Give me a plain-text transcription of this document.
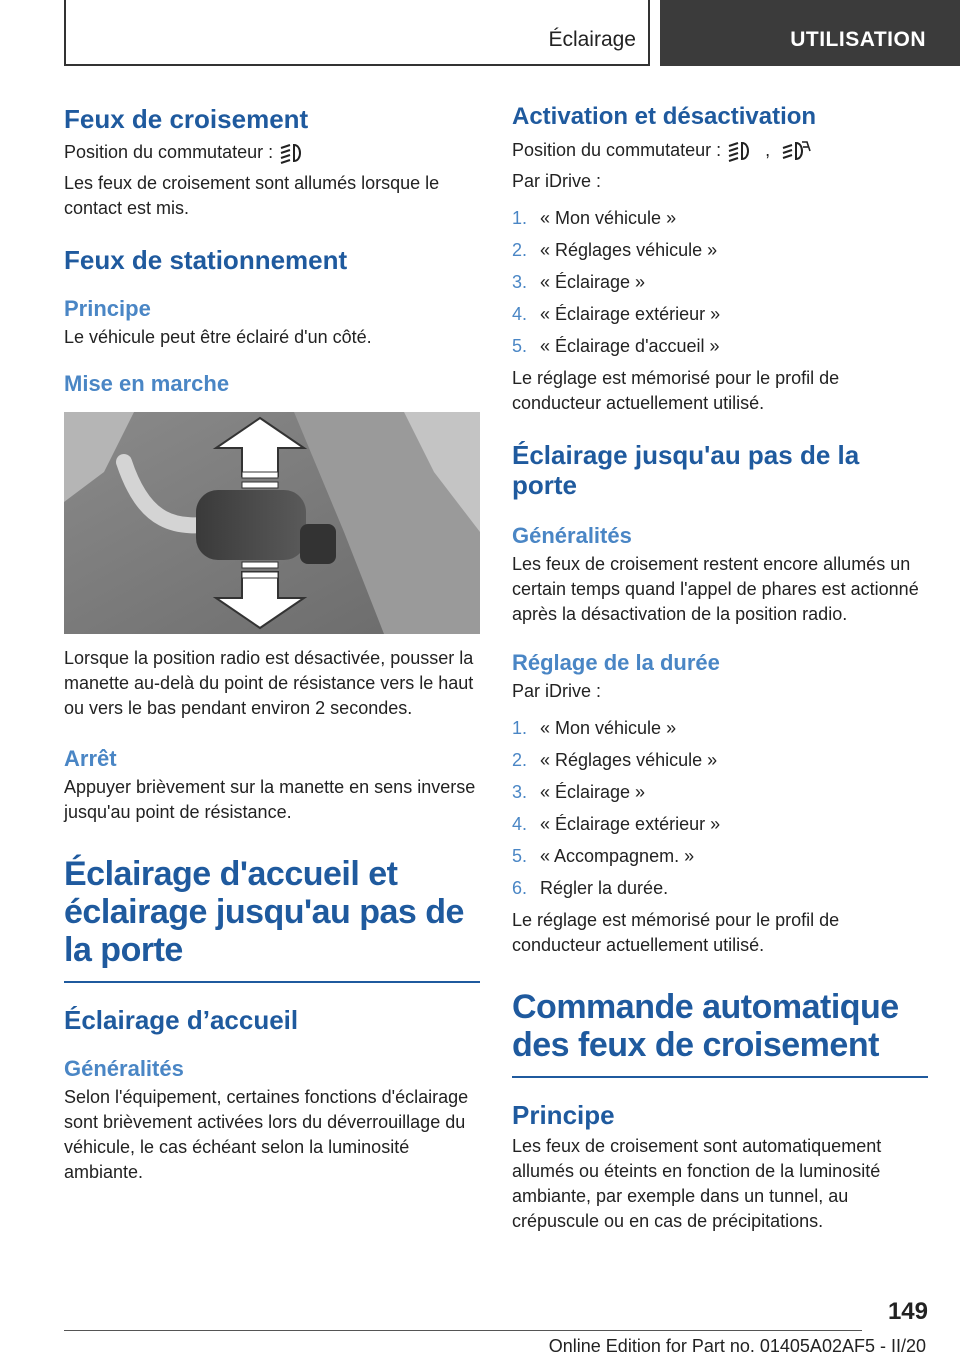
Éclairage	UTILISATION
Feux de croisement
Position du commutateur :
Les feux de croisement sont allumés lorsque le contact est mis.
Feux de stationnement
Principe
Le véhicule peut être éclairé d'un côté.
Mise en marche
Lorsque la position radio est désactivée, pousser la manette au-delà du point de résistance vers le haut ou vers le bas pendant environ 2 secondes.
Arrêt
Appuyer brièvement sur la manette en sens inverse jusqu'au point de résistance.
Éclairage d'accueil et éclairage jusqu'au pas de la porte
Éclairage d’accueil
Généralités
Selon l'équipement, certaines fonctions d'éclairage sont brièvement activées lors du déverrouillage du véhicule, le cas échéant selon la luminosité ambiante.
Activation et désactivation
Position du commutateur :  ,
Par iDrive :
1. « Mon véhicule »
2. « Réglages véhicule »
3. « Éclairage »
4. « Éclairage extérieur »
5. « Éclairage d'accueil »
Le réglage est mémorisé pour le profil de conducteur actuellement utilisé.
Éclairage jusqu'au pas de la porte
Généralités
Les feux de croisement restent encore allumés un certain temps quand l'appel de phares est actionné après la désactivation de la position radio.
Réglage de la durée
Par iDrive :
1. « Mon véhicule »
2. « Réglages véhicule »
3. « Éclairage »
4. « Éclairage extérieur »
5. « Accompagnem. »
6. Régler la durée.
Le réglage est mémorisé pour le profil de conducteur actuellement utilisé.
Commande automatique des feux de croisement
Principe
Les feux de croisement sont automatiquement allumés ou éteints en fonction de la luminosité ambiante, par exemple dans un tunnel, au crépuscule ou en cas de précipitations.
149
Online Edition for Part no. 01405A02AF5 - II/20
